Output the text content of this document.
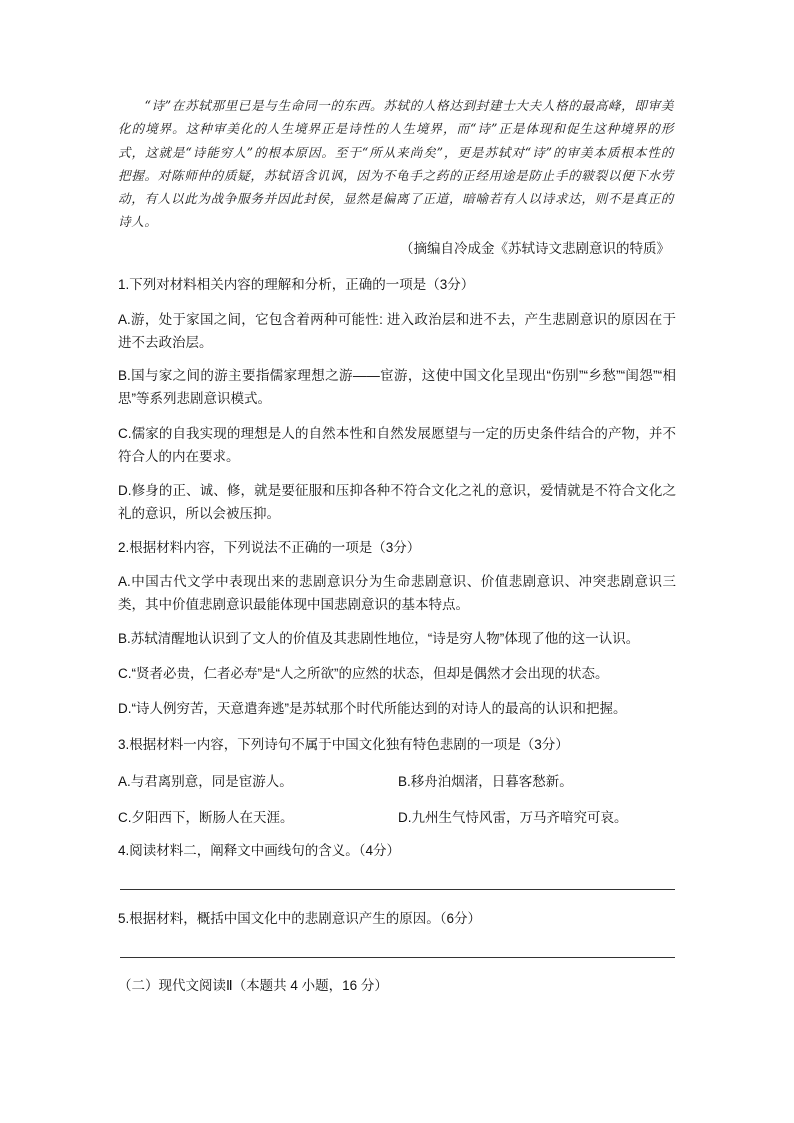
“诗”在苏轼那里已是与生命同一的东西。苏轼的人格达到封建士大夫人格的最高峰，即审美化的境界。这种审美化的人生境界正是诗性的人生境界，而“诗”正是体现和促生这种境界的形式，这就是“诗能穷人”的根本原因。至于“所从来尚矣”，更是苏轼对“诗”的审美本质根本性的把握。对陈师仲的质疑，苏轼语含讥讽，因为不龟手之药的正经用途是防止手的皲裂以便下水劳动，有人以此为战争服务并因此封侯，显然是偏离了正道，暗喻若有人以诗求达，则不是真正的诗人。

（摘编自冷成金《苏轼诗文悲剧意识的特质》

1.下列对材料相关内容的理解和分析，正确的一项是（3分）

A.游，处于家国之间，它包含着两种可能性: 进入政治层和进不去，产生悲剧意识的原因在于进不去政治层。

B.国与家之间的游主要指儒家理想之游——宦游，这使中国文化呈现出“伤别”“乡愁”“闺怨”“相思”等系列悲剧意识模式。

C.儒家的自我实现的理想是人的自然本性和自然发展愿望与一定的历史条件结合的产物，并不符合人的内在要求。

D.修身的正、诚、修，就是要征服和压抑各种不符合文化之礼的意识，爱情就是不符合文化之礼的意识，所以会被压抑。

2.根据材料内容，下列说法不正确的一项是（3分）

A.中国古代文学中表现出来的悲剧意识分为生命悲剧意识、价值悲剧意识、冲突悲剧意识三类，其中价值悲剧意识最能体现中国悲剧意识的基本特点。

B.苏轼清醒地认识到了文人的价值及其悲剧性地位，“诗是穷人物”体现了他的这一认识。

C.“贤者必贵，仁者必寿”是“人之所欲”的应然的状态，但却是偶然才会出现的状态。

D.“诗人例穷苦，天意遣奔逃”是苏轼那个时代所能达到的对诗人的最高的认识和把握。

3.根据材料一内容，下列诗句不属于中国文化独有特色悲剧的一项是（3分）

A.与君离别意，同是宦游人。	B.移舟泊烟渚，日暮客愁新。
C.夕阳西下，断肠人在天涯。	D.九州生气恃风雷，万马齐喑究可哀。

4.阅读材料二，阐释文中画线句的含义。（4分）

5.根据材料，概括中国文化中的悲剧意识产生的原因。（6分）

（二）现代文阅读Ⅱ（本题共 4 小题，16 分）
